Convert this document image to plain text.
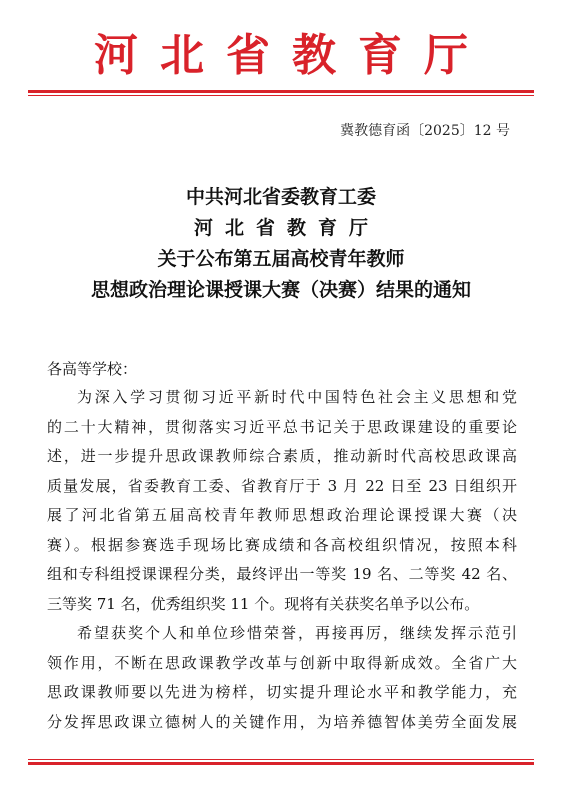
河北省教育厅
冀教德育函〔2025〕12 号
中共河北省委教育工委
河北省教育厅
关于公布第五届高校青年教师
思想政治理论课授课大赛（决赛）结果的通知
各高等学校：
为深入学习贯彻习近平新时代中国特色社会主义思想和党
的二十大精神，贯彻落实习近平总书记关于思政课建设的重要论
述，进一步提升思政课教师综合素质，推动新时代高校思政课高
质量发展，省委教育工委、省教育厅于 3 月 22 日至 23 日组织开
展了河北省第五届高校青年教师思想政治理论课授课大赛（决
赛）。根据参赛选手现场比赛成绩和各高校组织情况，按照本科
组和专科组授课课程分类，最终评出一等奖 19 名、二等奖 42 名、
三等奖 71 名，优秀组织奖 11 个。现将有关获奖名单予以公布。
希望获奖个人和单位珍惜荣誉，再接再厉，继续发挥示范引
领作用，不断在思政课教学改革与创新中取得新成效。全省广大
思政课教师要以先进为榜样，切实提升理论水平和教学能力，充
分发挥思政课立德树人的关键作用，为培养德智体美劳全面发展
